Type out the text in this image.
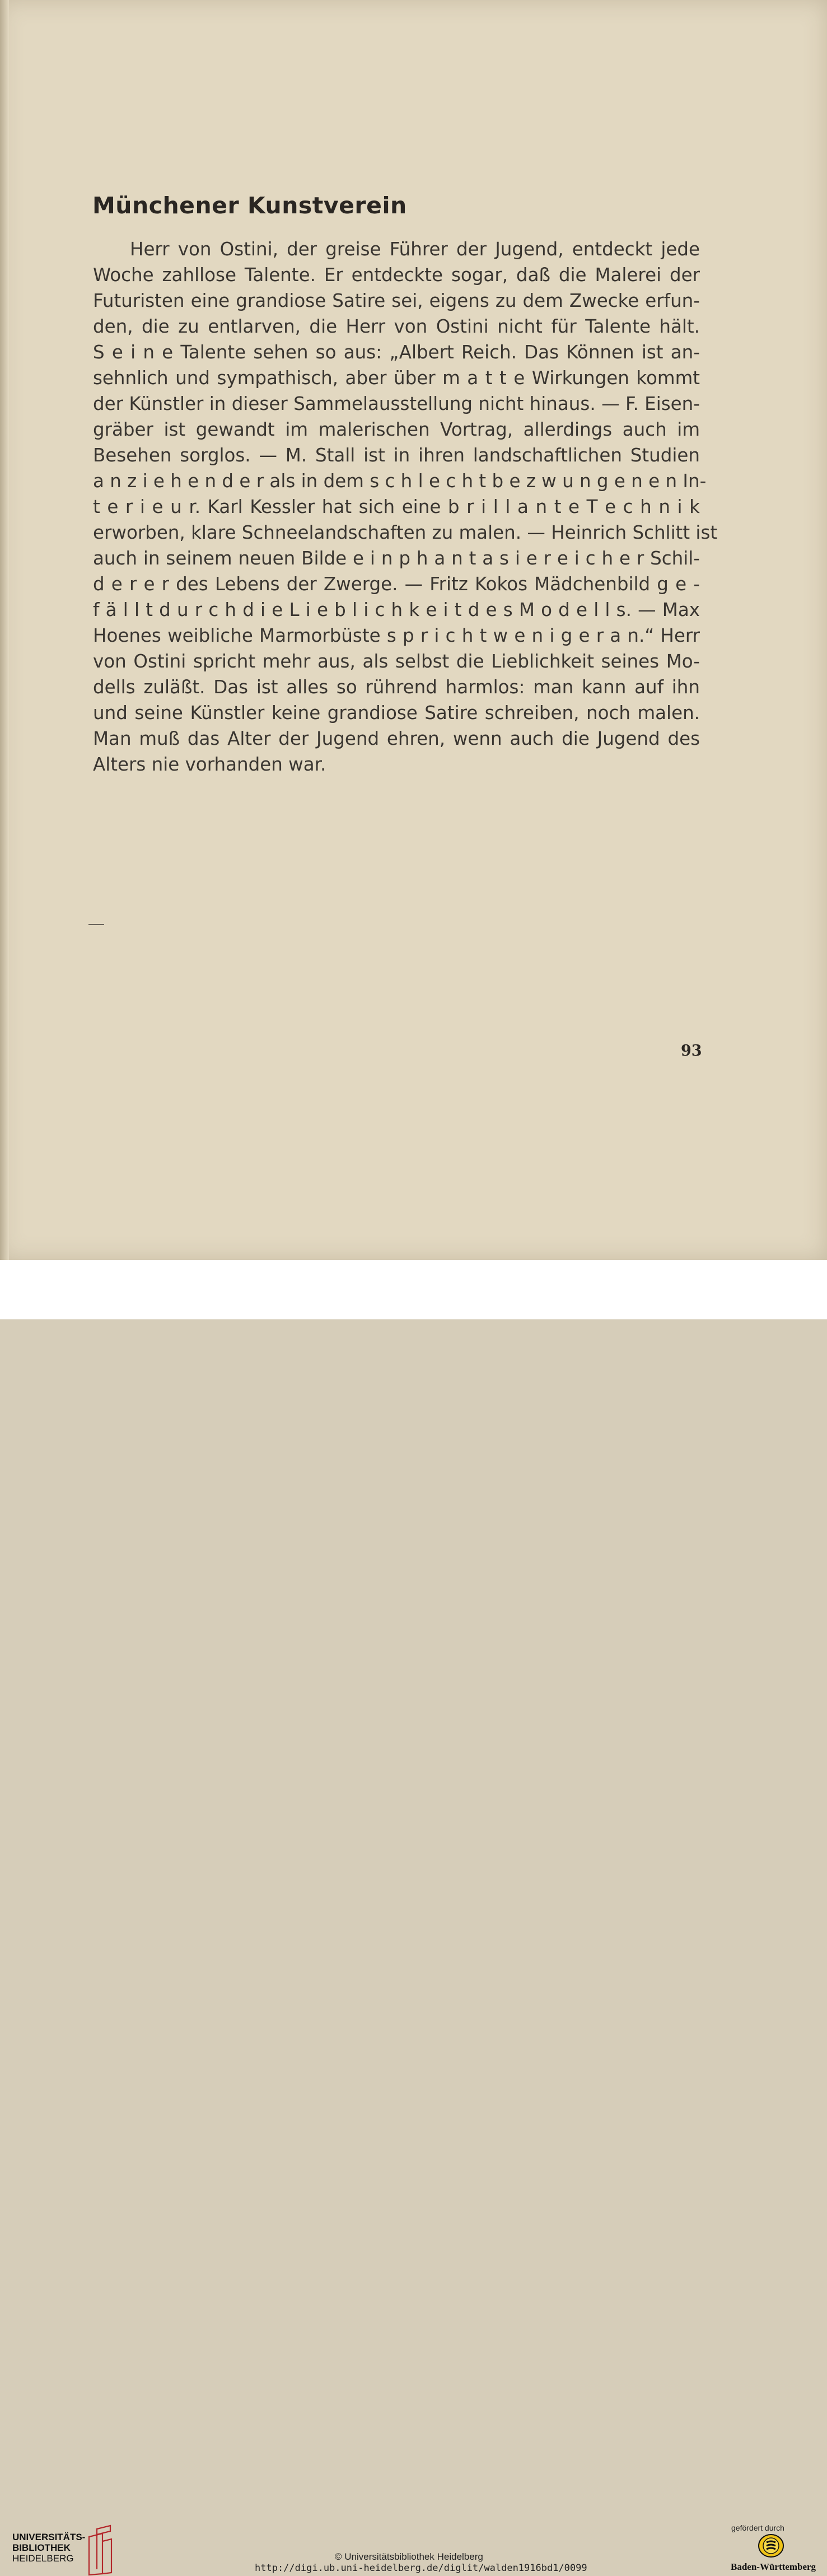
Münchener Kunstverein
Herr von Ostini, der greise Führer der Jugend, entdeckt jede
Woche zahllose Talente. Er entdeckte sogar, daß die Malerei der
Futuristen eine grandiose Satire sei, eigens zu dem Zwecke erfun-
den, die zu entlarven, die Herr von Ostini nicht für Talente hält.
S e i n e Talente sehen so aus: „Albert Reich. Das Können ist an-
sehnlich und sympathisch, aber über m a t t e Wirkungen kommt
der Künstler in dieser Sammelausstellung nicht hinaus. — F. Eisen-
gräber ist gewandt im malerischen Vortrag, allerdings auch im
Besehen sorglos. — M. Stall ist in ihren landschaftlichen Studien
a n z i e h e n d e r als in dem s c h l e c h t b e z w u n g e n e n In-
t e r i e u r. Karl Kessler hat sich eine b r i l l a n t e T e c h n i k
erworben, klare Schneelandschaften zu malen. — Heinrich Schlitt ist
auch in seinem neuen Bilde e i n p h a n t a s i e r e i c h e r Schil-
d e r e r des Lebens der Zwerge. — Fritz Kokos Mädchenbild g e -
f ä l l t d u r c h d i e L i e b l i c h k e i t d e s M o d e l l s. — Max
Hoenes weibliche Marmorbüste s p r i c h t w e n i g e r a n.“ Herr
von Ostini spricht mehr aus, als selbst die Lieblichkeit seines Mo-
dells zuläßt. Das ist alles so rührend harmlos: man kann auf ihn
und seine Künstler keine grandiose Satire schreiben, noch malen.
Man muß das Alter der Jugend ehren, wenn auch die Jugend des
Alters nie vorhanden war.

93

UNIVERSITÄTS-
BIBLIOTHEK
HEIDELBERG	© Universitätsbibliothek Heidelberg
http://digi.ub.uni-heidelberg.de/diglit/walden1916bd1/0099
gefördert durch
Baden-Württemberg
